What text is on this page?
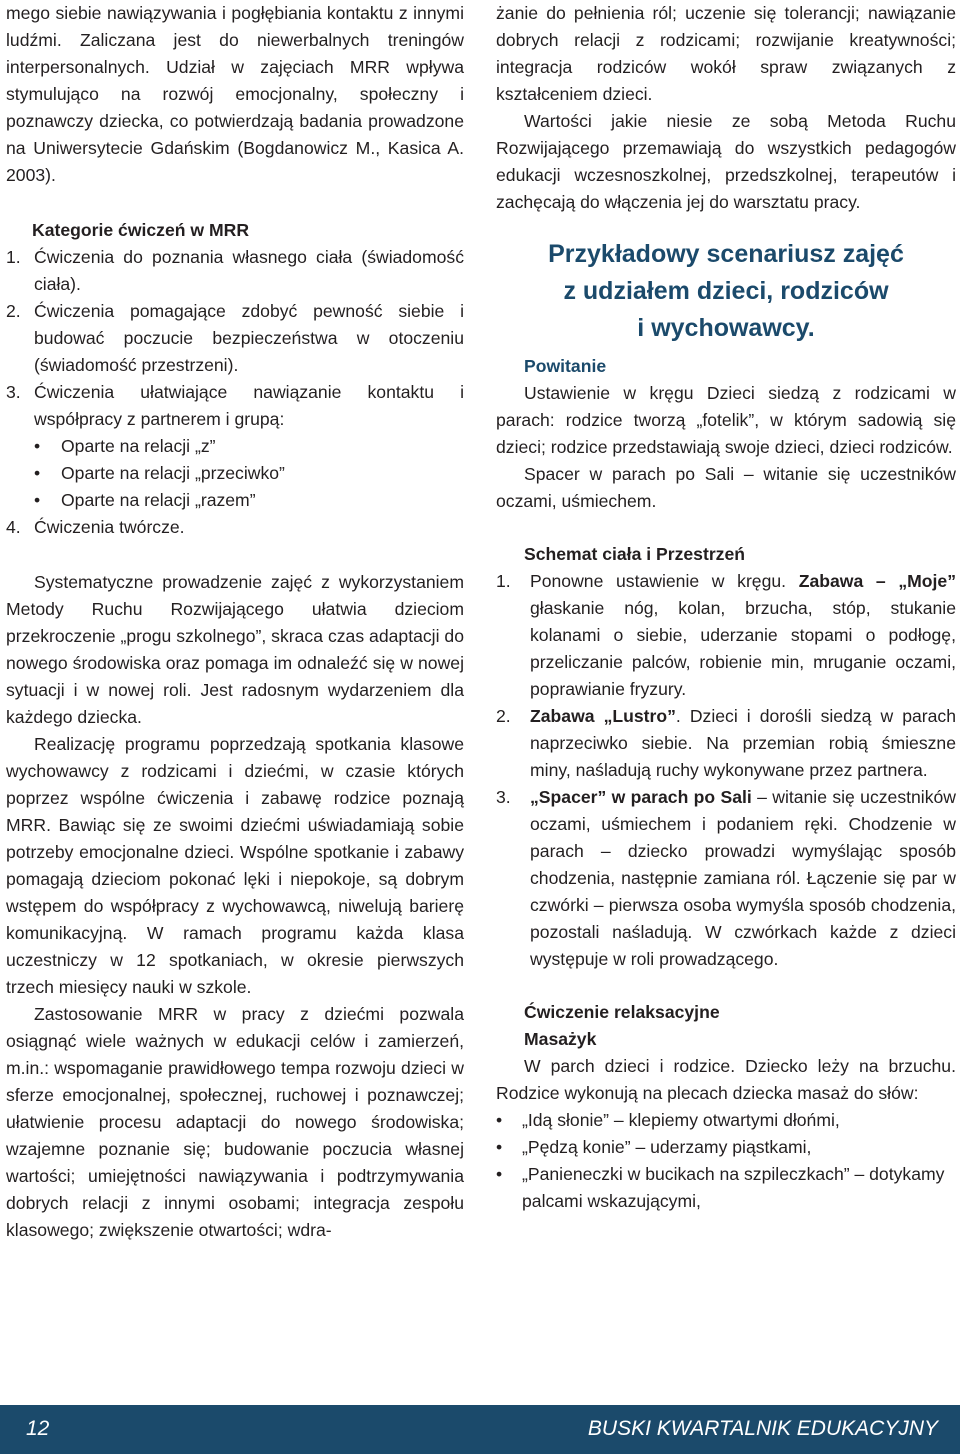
mego siebie nawiązywania i pogłębiania kontaktu z innymi ludźmi. Zaliczana jest do niewerbalnych treningów interpersonalnych. Udział w zajęciach MRR wpływa stymulująco na rozwój emocjonalny, społeczny i poznawczy dziecka, co potwierdzają badania prowadzone na Uniwersytecie Gdańskim (Bogdanowicz M., Kasica A. 2003).

Kategorie ćwiczeń w MRR

1. Ćwiczenia do poznania własnego ciała (świadomość ciała).
2. Ćwiczenia pomagające zdobyć pewność siebie i budować poczucie bezpieczeństwa w otoczeniu (świadomość przestrzeni).
3. Ćwiczenia ułatwiające nawiązanie kontaktu i współpracy z partnerem i grupą:
• Oparte na relacji „z”
• Oparte na relacji „przeciwko”
• Oparte na relacji „razem”
4. Ćwiczenia twórcze.

Systematyczne prowadzenie zajęć z wykorzystaniem Metody Ruchu Rozwijającego ułatwia dzieciom przekroczenie „progu szkolnego”, skraca czas adaptacji do nowego środowiska oraz pomaga im odnaleźć się w nowej sytuacji i w nowej roli. Jest radosnym wydarzeniem dla każdego dziecka.

Realizację programu poprzedzają spotkania klasowe wychowawcy z rodzicami i dziećmi, w czasie których poprzez wspólne ćwiczenia i zabawę rodzice poznają MRR. Bawiąc się ze swoimi dziećmi uświadamiają sobie potrzeby emocjonalne dzieci. Wspólne spotkanie i zabawy pomagają dzieciom pokonać lęki i niepokoje, są dobrym wstępem do współpracy z wychowawcą, niwelują barierę komunikacyjną. W ramach programu każda klasa uczestniczy w 12 spotkaniach, w okresie pierwszych trzech miesięcy nauki w szkole.

Zastosowanie MRR w pracy z dziećmi pozwala osiągnąć wiele ważnych w edukacji celów i zamierzeń, m.in.: wspomaganie prawidłowego tempa rozwoju dzieci w sferze emocjonalnej, społecznej, ruchowej i poznawczej; ułatwienie procesu adaptacji do nowego środowiska; wzajemne poznanie się; budowanie poczucia własnej wartości; umiejętności nawiązywania i podtrzymywania dobrych relacji z innymi osobami; integracja zespołu klasowego; zwiększenie otwartości; wdra-

żanie do pełnienia ról; uczenie się tolerancji; nawiązanie dobrych relacji z rodzicami; rozwijanie kreatywności; integracja rodziców wokół spraw związanych z kształceniem dzieci.

Wartości jakie niesie ze sobą Metoda Ruchu Rozwijającego przemawiają do wszystkich pedagogów edukacji wczesnoszkolnej, przedszkolnej, terapeutów i zachęcają do włączenia jej do warsztatu pracy.

Przykładowy scenariusz zajęć

z udziałem dzieci, rodziców

i wychowawcy.

Powitanie

Ustawienie w kręgu Dzieci siedzą z rodzicami w parach: rodzice tworzą „fotelik”, w którym sadowią się dzieci; rodzice przedstawiają swoje dzieci, dzieci rodziców.

Spacer w parach po Sali – witanie się uczestników oczami, uśmiechem.

Schemat ciała i Przestrzeń

1. Ponowne ustawienie w kręgu. Zabawa – „Moje” głaskanie nóg, kolan, brzucha, stóp, stukanie kolanami o siebie, uderzanie stopami o podłogę, przeliczanie palców, robienie min, mruganie oczami, poprawianie fryzury.
2. Zabawa „Lustro”. Dzieci i dorośli siedzą w parach naprzeciwko siebie. Na przemian robią śmieszne miny, naśladują ruchy wykonywane przez partnera.
3. „Spacer” w parach po Sali – witanie się uczestników oczami, uśmiechem i podaniem ręki. Chodzenie w parach – dziecko prowadzi wymyślając sposób chodzenia, następnie zamiana ról. Łączenie się par w czwórki – pierwsza osoba wymyśla sposób chodzenia, pozostali naśladują. W czwórkach każde z dzieci występuje w roli prowadzącego.

Ćwiczenie relaksacyjne

Masażyk

W parch dzieci i rodzice. Dziecko leży na brzuchu. Rodzice wykonują na plecach dziecka masaż do słów:

• „Idą słonie” – klepiemy otwartymi dłońmi,
• „Pędzą konie” – uderzamy piąstkami,
• „Panieneczki w bucikach na szpileczkach” – dotykamy palcami wskazującymi,
12	BUSKI KWARTALNIK EDUKACYJNY
